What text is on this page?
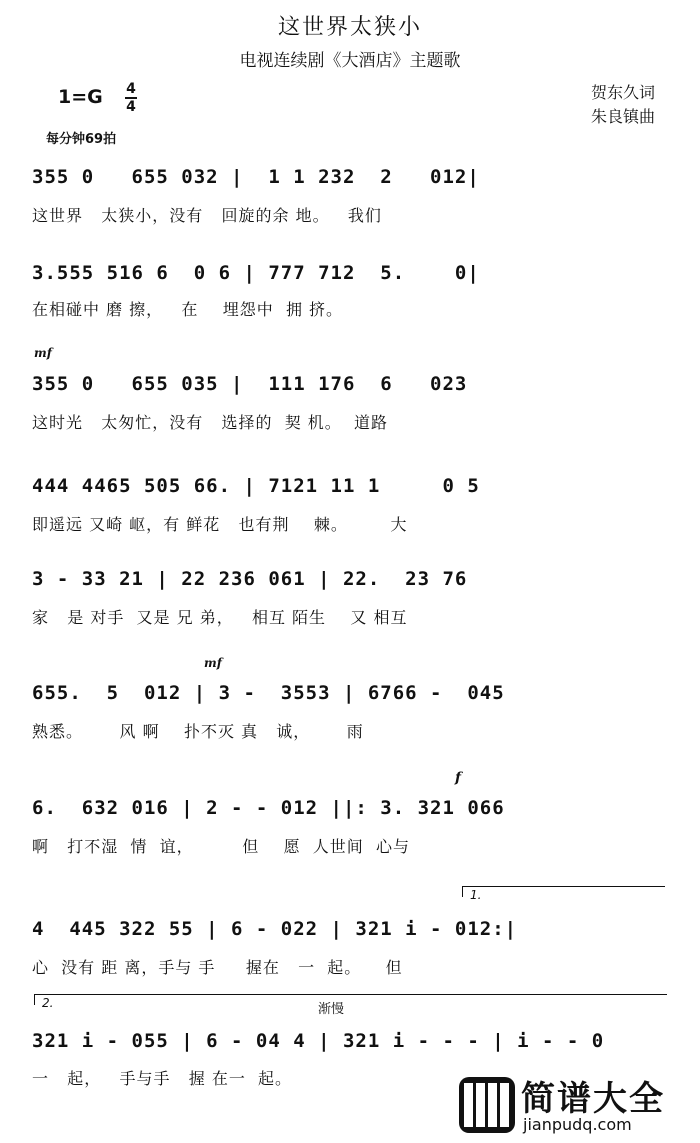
这世界太狭小
电视连续剧《大酒店》主题歌
贺东久词
朱良镇曲
1=G 4
4
每分钟69拍
355 0   655 032 |  1 1 232  2   012|
这世界   太狭小，没有   回旋的余 地。   我们
3.555 516 6  0 6 | 777 712  5.    0|
在相碰中 磨 擦，   在    埋怨中  拥 挤。
mf
355 0   655 035 |  111 176  6   023
这时光   太匆忙，没有   选择的  契 机。  道路
444 4465 505 66. | 7121 11 1     0 5
即遥远 又崎 岖，有 鲜花   也有荆    棘。       大
3 - 33 21 | 22 236 061 | 22.  23 76
家   是 对手  又是 兄 弟，   相互 陌生    又 相互
mf
655.  5  012 | 3 -  3553 | 6766 -  045
熟悉。      风 啊    扑不灭 真   诚，      雨
f
6.  632 016 | 2 - - 012 ||: 3. 321 066
啊   打不湿  情  谊，        但    愿  人世间  心与
1.
4  445 322 55 | 6 - 022 | 321 i - 012:|
心  没有 距 离，手与 手     握在   一  起。    但
2.	渐慢
321 i - 055 | 6 - 04 4 | 321 i - - - | i - - 0
一   起，   手与手   握 在一  起。
简谱大全
jianpudq.com
